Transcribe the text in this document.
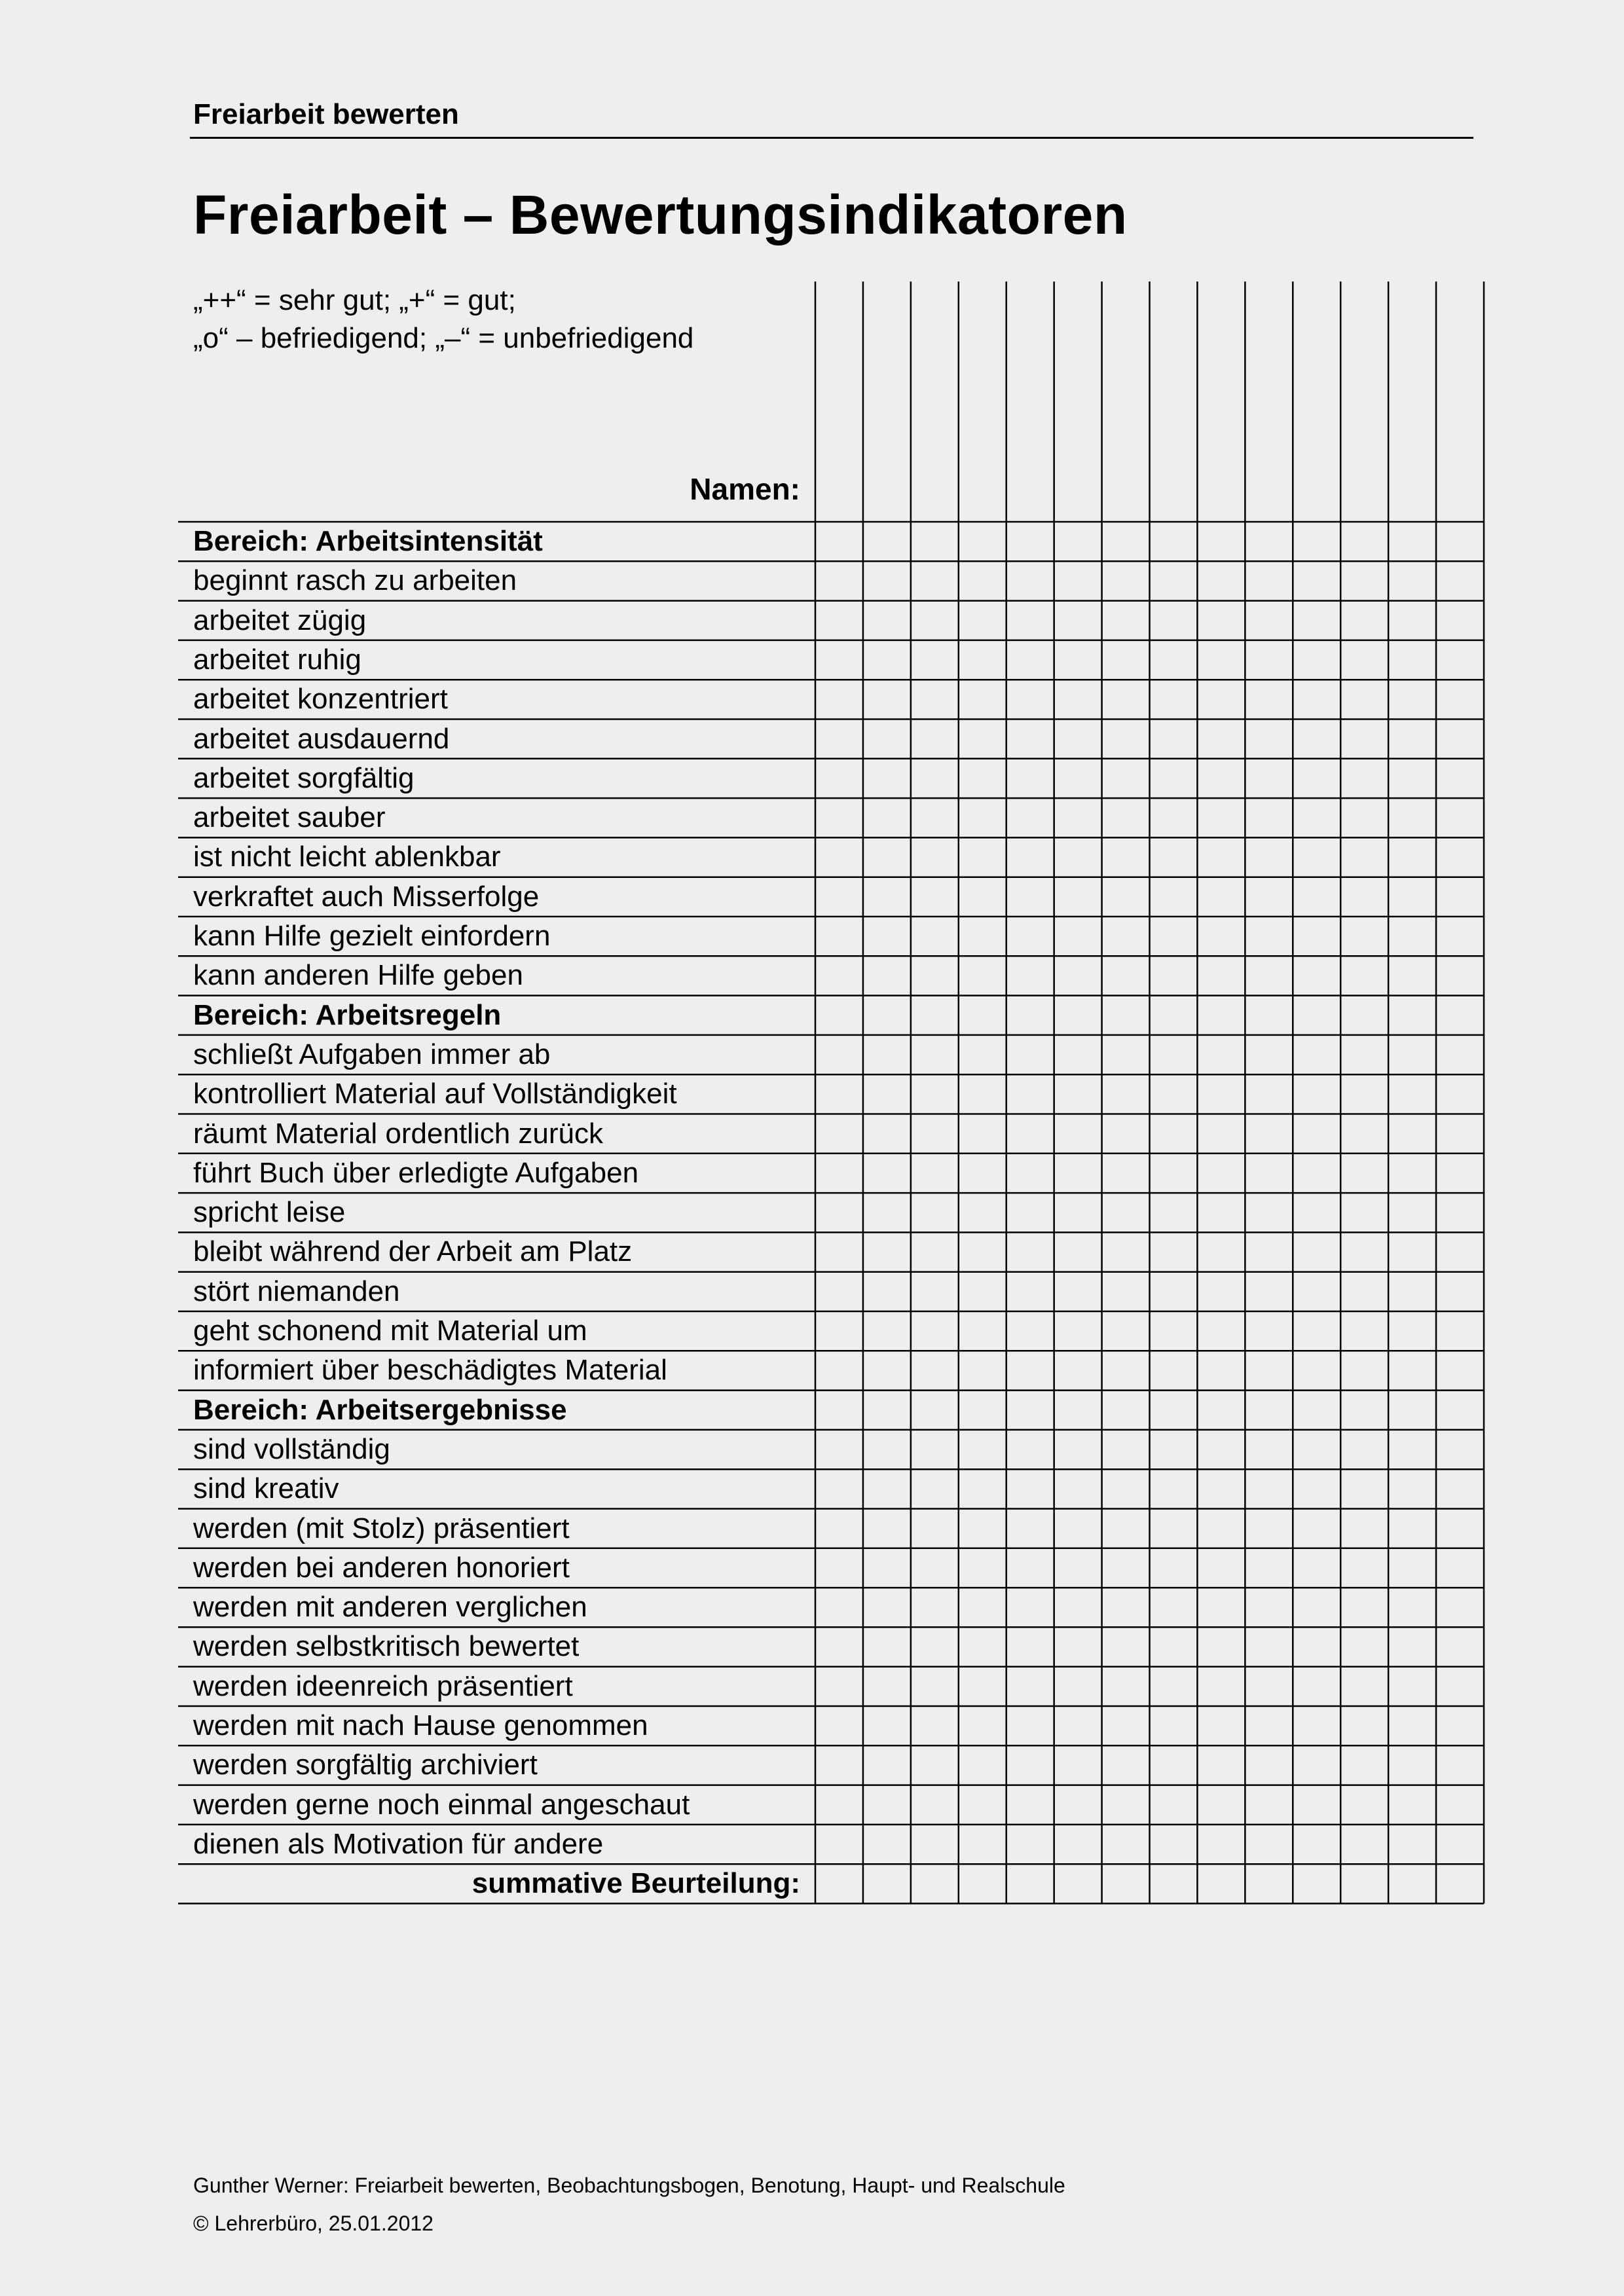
Freiarbeit bewerten
Freiarbeit – Bewertungsindikatoren
„++“ = sehr gut; „+“ = gut;
„o“ – befriedigend; „–“ = unbefriedigend
Namen:
Bereich: Arbeitsintensität
beginnt rasch zu arbeiten
arbeitet zügig
arbeitet ruhig
arbeitet konzentriert
arbeitet ausdauernd
arbeitet sorgfältig
arbeitet sauber
ist nicht leicht ablenkbar
verkraftet auch Misserfolge
kann Hilfe gezielt einfordern
kann anderen Hilfe geben
Bereich: Arbeitsregeln
schließt Aufgaben immer ab
kontrolliert Material auf Vollständigkeit
räumt Material ordentlich zurück
führt Buch über erledigte Aufgaben
spricht leise
bleibt während der Arbeit am Platz
stört niemanden
geht schonend mit Material um
informiert über beschädigtes Material
Bereich: Arbeitsergebnisse
sind vollständig
sind kreativ
werden (mit Stolz) präsentiert
werden bei anderen honoriert
werden mit anderen verglichen
werden selbstkritisch bewertet
werden ideenreich präsentiert
werden mit nach Hause genommen
werden sorgfältig archiviert
werden gerne noch einmal angeschaut
dienen als Motivation für andere
summative Beurteilung:
Gunther Werner: Freiarbeit bewerten, Beobachtungsbogen, Benotung, Haupt- und Realschule
© Lehrerbüro, 25.01.2012
